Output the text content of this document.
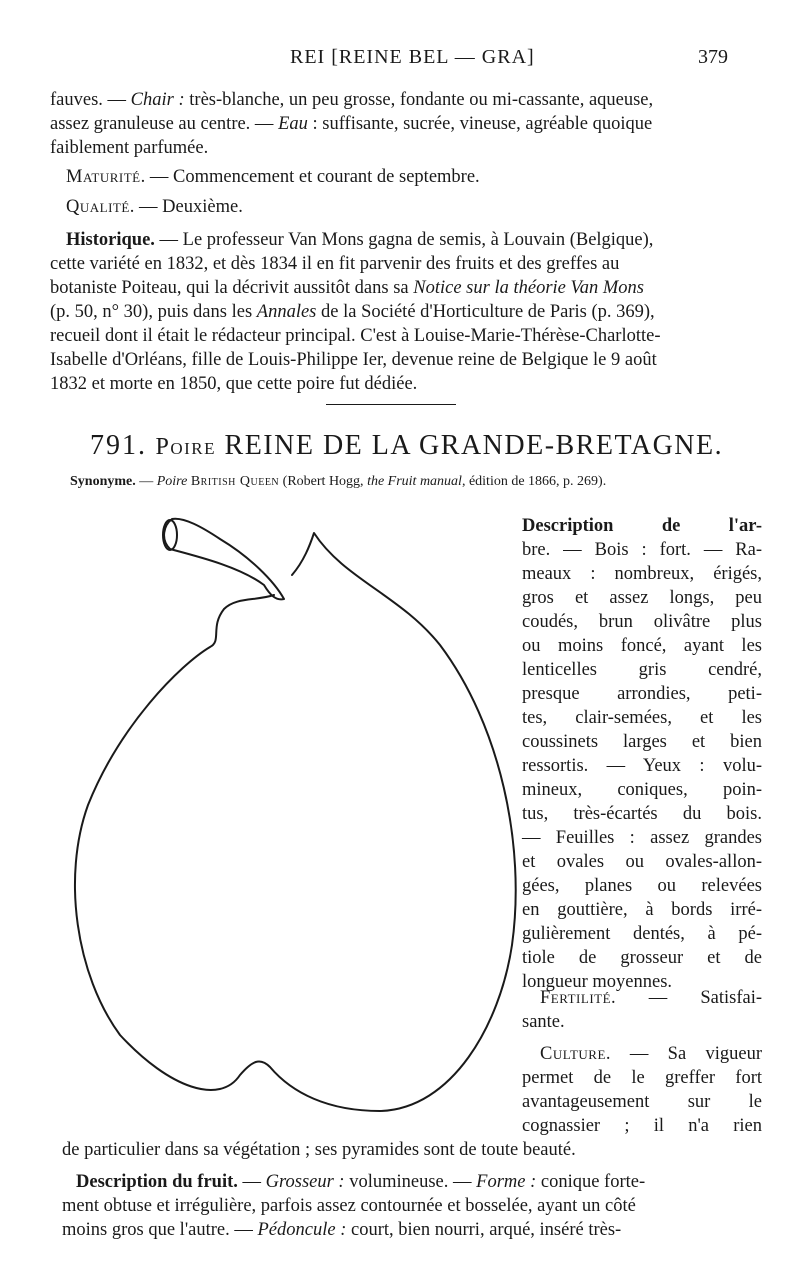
REI [REINE BEL — GRA]	379
fauves. — Chair : très-blanche, un peu grosse, fondante ou mi-cassante, aqueuse,
assez granuleuse au centre. — Eau : suffisante, sucrée, vineuse, agréable quoique
faiblement parfumée.
Maturité. — Commencement et courant de septembre.
Qualité. — Deuxième.
Historique. — Le professeur Van Mons gagna de semis, à Louvain (Belgique),
cette variété en 1832, et dès 1834 il en fit parvenir des fruits et des greffes au
botaniste Poiteau, qui la décrivit aussitôt dans sa Notice sur la théorie Van Mons
(p. 50, n° 30), puis dans les Annales de la Société d'Horticulture de Paris (p. 369),
recueil dont il était le rédacteur principal. C'est à Louise-Marie-Thérèse-Charlotte-
Isabelle d'Orléans, fille de Louis-Philippe Ier, devenue reine de Belgique le 9 août
1832 et morte en 1850, que cette poire fut dédiée.
791. Poire REINE DE LA GRANDE-BRETAGNE.
Synonyme. — Poire British Queen (Robert Hogg, the Fruit manual, édition de 1866, p. 269).
Description de l'ar-
bre. — Bois : fort. — Ra-
meaux : nombreux, érigés,
gros et assez longs, peu
coudés, brun olivâtre plus
ou moins foncé, ayant les
lenticelles gris cendré,
presque arrondies, peti-
tes, clair-semées, et les
coussinets larges et bien
ressortis. — Yeux : volu-
mineux, coniques, poin-
tus, très-écartés du bois.
— Feuilles : assez grandes
et ovales ou ovales-allon-
gées, planes ou relevées
en gouttière, à bords irré-
gulièrement dentés, à pé-
tiole de grosseur et de
longueur moyennes.
Fertilité. — Satisfai-
sante.
Culture. — Sa vigueur
permet de le greffer fort
avantageusement sur le
cognassier ; il n'a rien
de particulier dans sa végétation ; ses pyramides sont de toute beauté.
Description du fruit. — Grosseur : volumineuse. — Forme : conique forte-
ment obtuse et irrégulière, parfois assez contournée et bosselée, ayant un côté
moins gros que l'autre. — Pédoncule : court, bien nourri, arqué, inséré très-
